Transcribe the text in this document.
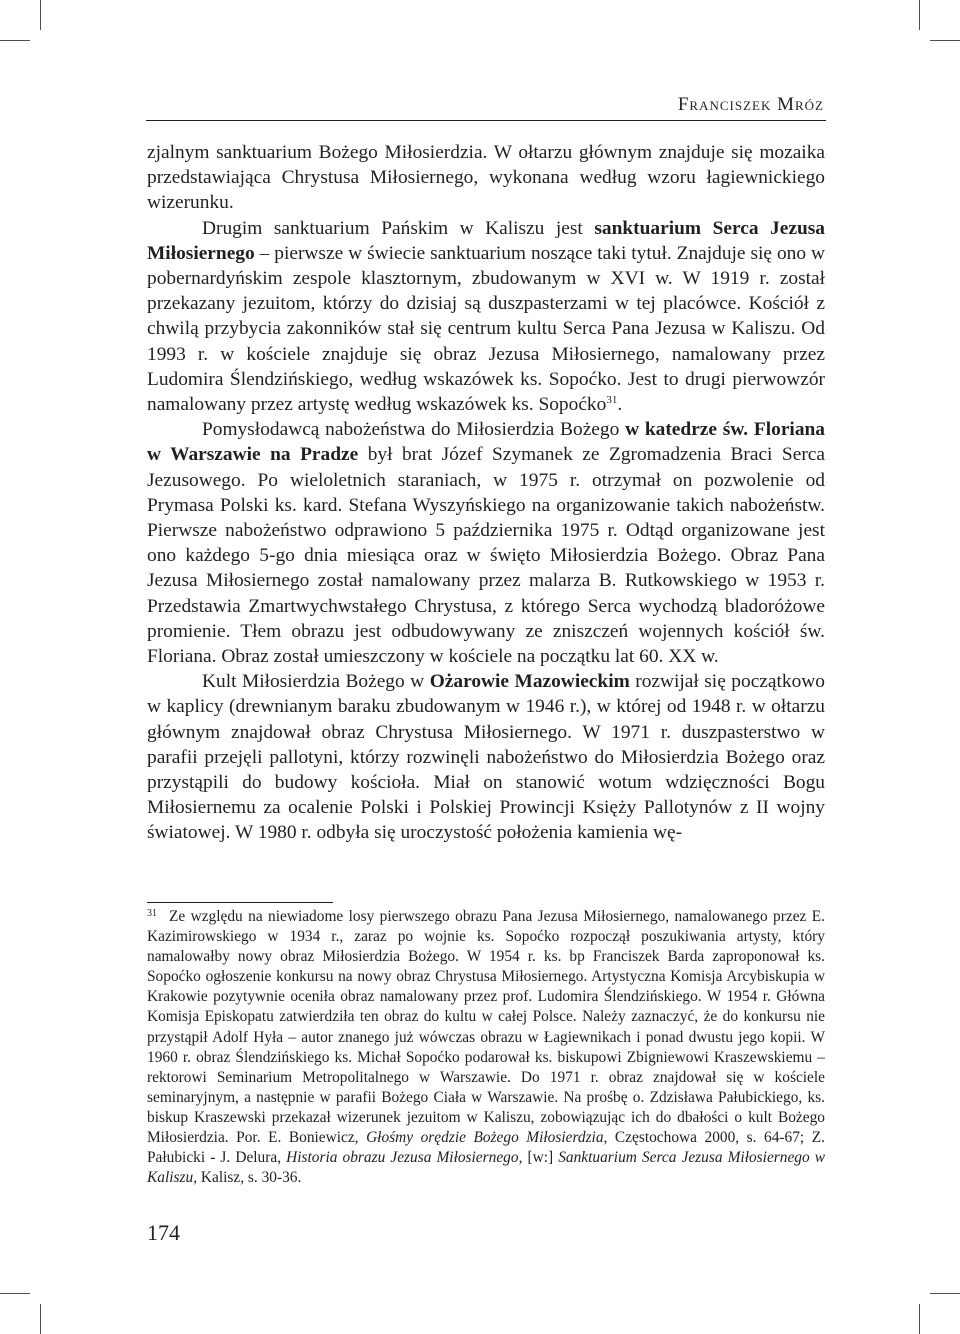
Franciszek Mróz

zjalnym sanktuarium Bożego Miłosierdzia. W ołtarzu głównym znajduje się mozaika przedstawiająca Chrystusa Miłosiernego, wykonana według wzoru łagiewnickiego wizerunku.

Drugim sanktuarium Pańskim w Kaliszu jest sanktuarium Serca Jezusa Miłosiernego – pierwsze w świecie sanktuarium noszące taki tytuł. Znajduje się ono w pobernardyńskim zespole klasztornym, zbudowanym w XVI w. W 1919 r. został przekazany jezuitom, którzy do dzisiaj są duszpasterzami w tej placówce. Kościół z chwilą przybycia zakonników stał się centrum kultu Serca Pana Jezusa w Kaliszu. Od 1993 r. w kościele znajduje się obraz Jezusa Miłosiernego, namalowany przez Ludomira Ślendzińskiego, według wskazówek ks. Sopoćko. Jest to drugi pierwowzór namalowany przez artystę według wskazówek ks. Sopoćko$^{31}$.

Pomysłodawcą nabożeństwa do Miłosierdzia Bożego w katedrze św. Floriana w Warszawie na Pradze był brat Józef Szymanek ze Zgromadzenia Braci Serca Jezusowego. Po wieloletnich staraniach, w 1975 r. otrzymał on pozwolenie od Prymasa Polski ks. kard. Stefana Wyszyńskiego na organizowanie takich nabożeństw. Pierwsze nabożeństwo odprawiono 5 października 1975 r. Odtąd organizowane jest ono każdego 5-go dnia miesiąca oraz w święto Miłosierdzia Bożego. Obraz Pana Jezusa Miłosiernego został namalowany przez malarza B. Rutkowskiego w 1953 r. Przedstawia Zmartwychwstałego Chrystusa, z którego Serca wychodzą bladoróżowe promienie. Tłem obrazu jest odbudowywany ze zniszczeń wojennych kościół św. Floriana. Obraz został umieszczony w kościele na początku lat 60. XX w.

Kult Miłosierdzia Bożego w Ożarowie Mazowieckim rozwijał się początkowo w kaplicy (drewnianym baraku zbudowanym w 1946 r.), w której od 1948 r. w ołtarzu głównym znajdował obraz Chrystusa Miłosiernego. W 1971 r. duszpasterstwo w parafii przejęli pallotyni, którzy rozwinęli nabożeństwo do Miłosierdzia Bożego oraz przystąpili do budowy kościoła. Miał on stanowić wotum wdzięczności Bogu Miłosiernemu za ocalenie Polski i Polskiej Prowincji Księży Pallotynów z II wojny światowej. W 1980 r. odbyła się uroczystość położenia kamienia wę-

$^{31}$ Ze względu na niewiadome losy pierwszego obrazu Pana Jezusa Miłosiernego, namalowanego przez E. Kazimirowskiego w 1934 r., zaraz po wojnie ks. Sopoćko rozpoczął poszukiwania artysty, który namalowałby nowy obraz Miłosierdzia Bożego. W 1954 r. ks. bp Franciszek Barda zaproponował ks. Sopoćko ogłoszenie konkursu na nowy obraz Chrystusa Miłosiernego. Artystyczna Komisja Arcybiskupia w Krakowie pozytywnie oceniła obraz namalowany przez prof. Ludomira Ślendzińskiego. W 1954 r. Główna Komisja Episkopatu zatwierdziła ten obraz do kultu w całej Polsce. Należy zaznaczyć, że do konkursu nie przystąpił Adolf Hyła – autor znanego już wówczas obrazu w Łagiewnikach i ponad dwustu jego kopii. W 1960 r. obraz Ślendzińskiego ks. Michał Sopoćko podarował ks. biskupowi Zbigniewowi Kraszewskiemu – rektorowi Seminarium Metropolitalnego w Warszawie. Do 1971 r. obraz znajdował się w kościele seminaryjnym, a następnie w parafii Bożego Ciała w Warszawie. Na prośbę o. Zdzisława Pałubickiego, ks. biskup Kraszewski przekazał wizerunek jezuitom w Kaliszu, zobowiązując ich do dbałości o kult Bożego Miłosierdzia. Por. E. Boniewicz, Głośmy orędzie Bożego Miłosierdzia, Częstochowa 2000, s. 64-67; Z. Pałubicki - J. Delura, Historia obrazu Jezusa Miłosiernego, [w:] Sanktuarium Serca Jezusa Miłosiernego w Kaliszu, Kalisz, s. 30-36.
174
